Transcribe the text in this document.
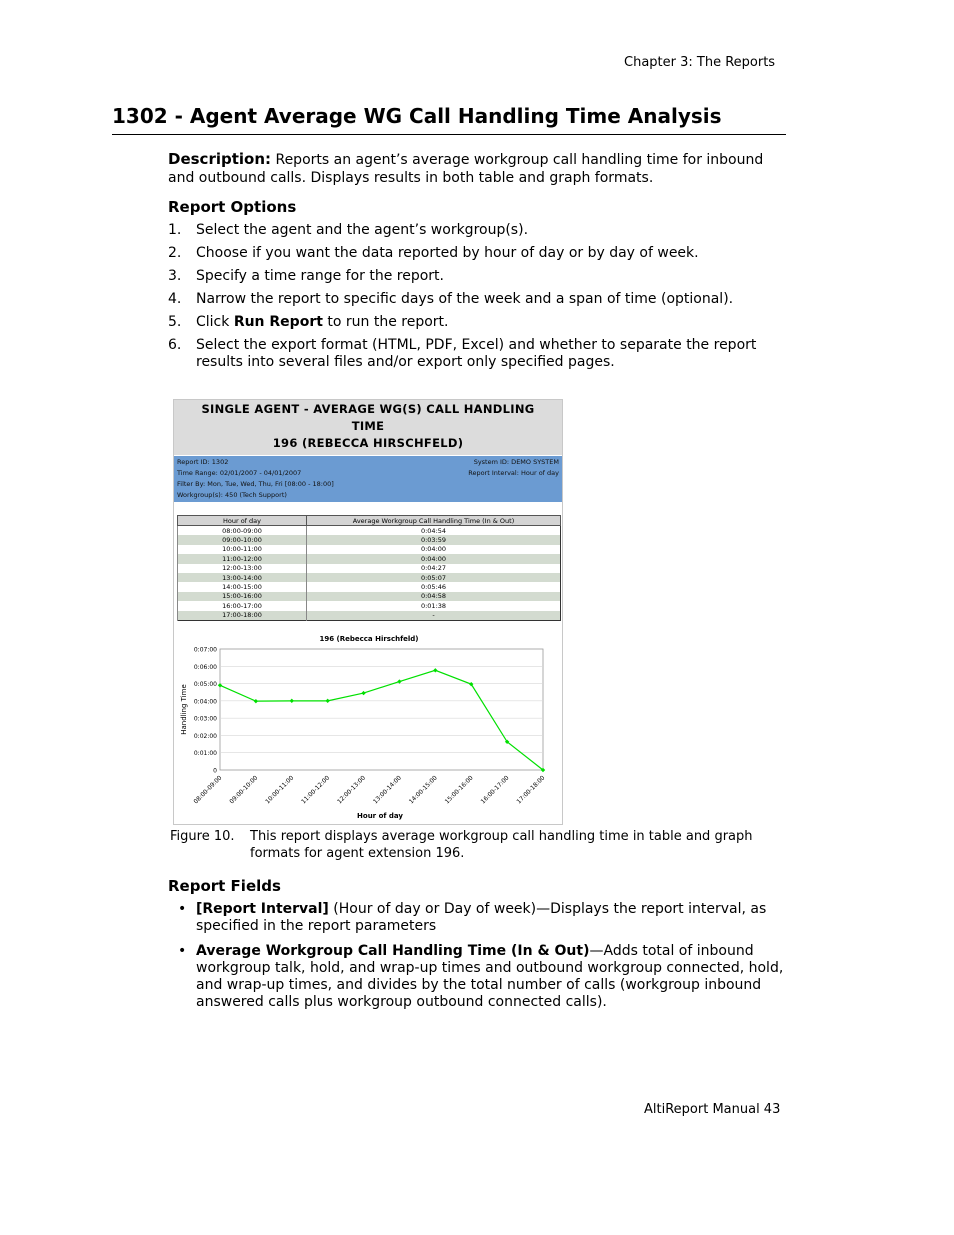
Chapter 3: The Reports
1302 - Agent Average WG Call Handling Time Analysis
Description: Reports an agent’s average workgroup call handling time for inbound and outbound calls. Displays results in both table and graph formats.
Report Options
1. Select the agent and the agent’s workgroup(s).
2. Choose if you want the data reported by hour of day or by day of week.
3. Specify a time range for the report.
4. Narrow the report to specific days of the week and a span of time (optional).
5. Click Run Report to run the report.
6. Select the export format (HTML, PDF, Excel) and whether to separate the report results into several files and/or export only specified pages.
SINGLE AGENT - AVERAGE WG(S) CALL HANDLING
TIME
196 (REBECCA HIRSCHFELD)
Report ID: 1302	System ID: DEMO SYSTEM
Time Range: 02/01/2007 - 04/01/2007	Report Interval: Hour of day
Filter By: Mon, Tue, Wed, Thu, Fri [08:00 - 18:00]
Workgroup(s): 450 (Tech Support)
Hour of day	Average Workgroup Call Handling Time (In & Out)
08:00-09:00	0:04:54
09:00-10:00	0:03:59
10:00-11:00	0:04:00
11:00-12:00	0:04:00
12:00-13:00	0:04:27
13:00-14:00	0:05:07
14:00-15:00	0:05:46
15:00-16:00	0:04:58
16:00-17:00	0:01:38
17:00-18:00	-
196 (Rebecca Hirschfeld)
0
0:01:00
0:02:00
0:03:00
0:04:00
0:05:00
0:06:00
0:07:00
08:00-09:00 09:00-10:00 10:00-11:00 11:00-12:00 12:00-13:00 13:00-14:00 14:00-15:00 15:00-16:00 16:00-17:00 17:00-18:00
Handling Time
Hour of day
Figure 10. This report displays average workgroup call handling time in table and graph formats for agent extension 196.
Report Fields
• [Report Interval] (Hour of day or Day of week)—Displays the report interval, as specified in the report parameters
• Average Workgroup Call Handling Time (In & Out)—Adds total of inbound workgroup talk, hold, and wrap-up times and outbound workgroup connected, hold, and wrap-up times, and divides by the total number of calls (workgroup inbound answered calls plus workgroup outbound connected calls).
AltiReport Manual 43
